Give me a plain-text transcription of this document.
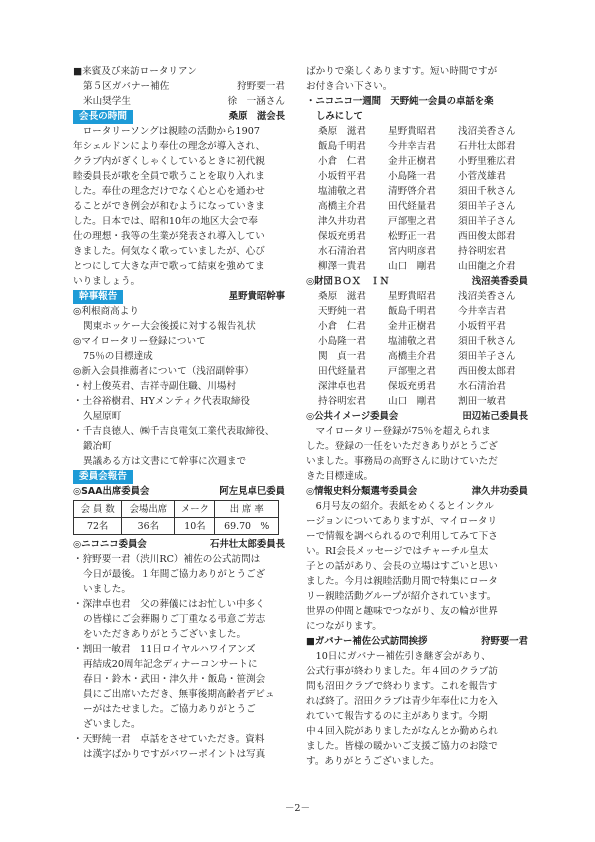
■来賓及び来訪ロータリアン
第５区ガバナー補佐	狩野要一君
米山奨学生	徐　一涵さん
会長の時間	桑原　滋会長
　ロータリーソングは親睦の活動から1907
年シェルドンにより奉仕の理念が導入され、
クラブ内がぎくしゃくしているときに初代親
睦委員長が歌を全員で歌うことを取り入れま
した。奉仕の理念だけでなく心と心を通わせ
ることができ例会が和むようになっていきま
した。日本では、昭和10年の地区大会で奉
仕の理想・我等の生業が発表され導入してい
きました。何気なく歌っていましたが、心び
とつにして大きな声で歌って結束を強めてま
いりましょう。
幹事報告	星野貴昭幹事
◎利根商高より
関東ホッケー大会後援に対する報告礼状
◎マイロータリー登録について
75％の目標達成
◎新入会員推薦者について（浅沼副幹事）
・村上俊英君、吉祥寺副住職、川場村
・土谷裕樹君、HYメンティク代表取締役
久屋原町
・千吉良徳人、㈱千吉良電気工業代表取締役、
鍛冶町
異議ある方は文書にて幹事に次週まで
委員会報告
◎SAA出席委員会	阿左見卓巳委員
会 員 数	会場出席	メーク	出 席 率
72名	36名	10名	69.70　%
◎ニコニコ委員会	石井壮太郎委員長
・狩野要一君（渋川RC）補佐の公式訪問は
今日が最後。１年間ご協力ありがとうござ
いました。
・深津卓也君　父の葬儀にはお忙しい中多く
の皆様にご会葬賜りご丁重なる弔意ご芳志
をいただきありがとうございました。
・割田一敏君　11日ロイヤルハワイアンズ
再結成20周年記念ディナーコンサートに
春日・鈴木・武田・津久井・飯島・笹渕会
員にご出席いただき、無事後期高齢者デビュ
ーがはたせました。ご協力ありがとうご
ざいました。
・天野純一君　卓話をさせていただき。資料
は漢字ばかりですがパワーポイントは写真
ばかりで楽しくありますす。短い時間ですが
お付き合い下さい。
・ニコニコ一週間　天野純一会員の卓話を楽
しみにして
桑原　滋君	星野貴昭君	浅沼美香さん
飯島千明君	今井幸吉君	石井壮太郎君
小倉　仁君	金井正樹君	小野里雅広君
小坂哲平君	小島隆一君	小菅茂雄君
塩浦敬之君	清野啓介君	須田千秋さん
高橋主介君	田代経量君	須田羊子さん
津久井功君	戸部聖之君	須田羊子さん
保坂充勇君	松野正一君	西田俊太郎君
水石清治君	宮内明彦君	持谷明宏君
柳澤一貴君	山口　剛君	山田龍之介君
◎財団ＢＯＸ　ＩＮ	浅沼美香委員
桑原　滋君	星野貴昭君	浅沼美香さん
天野純一君	飯島千明君	今井幸吉君
小倉　仁君	金井正樹君	小坂哲平君
小島隆一君	塩浦敬之君	須田千秋さん
関　貞一君	高橋圭介君	須田羊子さん
田代経量君	戸部聖之君	西田俊太郎君
深津卓也君	保坂充勇君	水石清治君
持谷明宏君	山口　剛君	割田一敏君
◎公共イメージ委員会	田辺祐己委員長
　マイロータリー登録が75％を超えられま
した。登録の一任をいただきありがとうござ
いました。事務局の高野さんに助けていただ
きた目標達成。
◎情報史料分類選考委員会	津久井功委員
　6月号友の紹介。表紙をめくるとインクル
ージョンについてありますが、マイロータリ
ーで情報を調べられるので利用してみて下さ
い。RI会長メッセージではチャーチル皇太
子との話があり、会長の立場はすごいと思い
ました。今月は親睦活動月間で特集にロータ
リー親睦活動グループが紹介されています。
世界の仲間と趣味でつながり、友の輪が世界
につながります。
■ガバナー補佐公式訪問挨拶	狩野要一君
　10日にガバナー補佐引き継ぎ会があり、
公式行事が終わりました。年４回のクラブ訪
問も沼田クラブで終わります。これを報告す
れば終了。沼田クラブは青少年奉仕に力を入
れていて報告するのに主があります。今期
中４回入院がありましたがなんとか勤められ
ました。皆様の暖かいご支援ご協力のお陰で
す。ありがとうございました。
－2－
